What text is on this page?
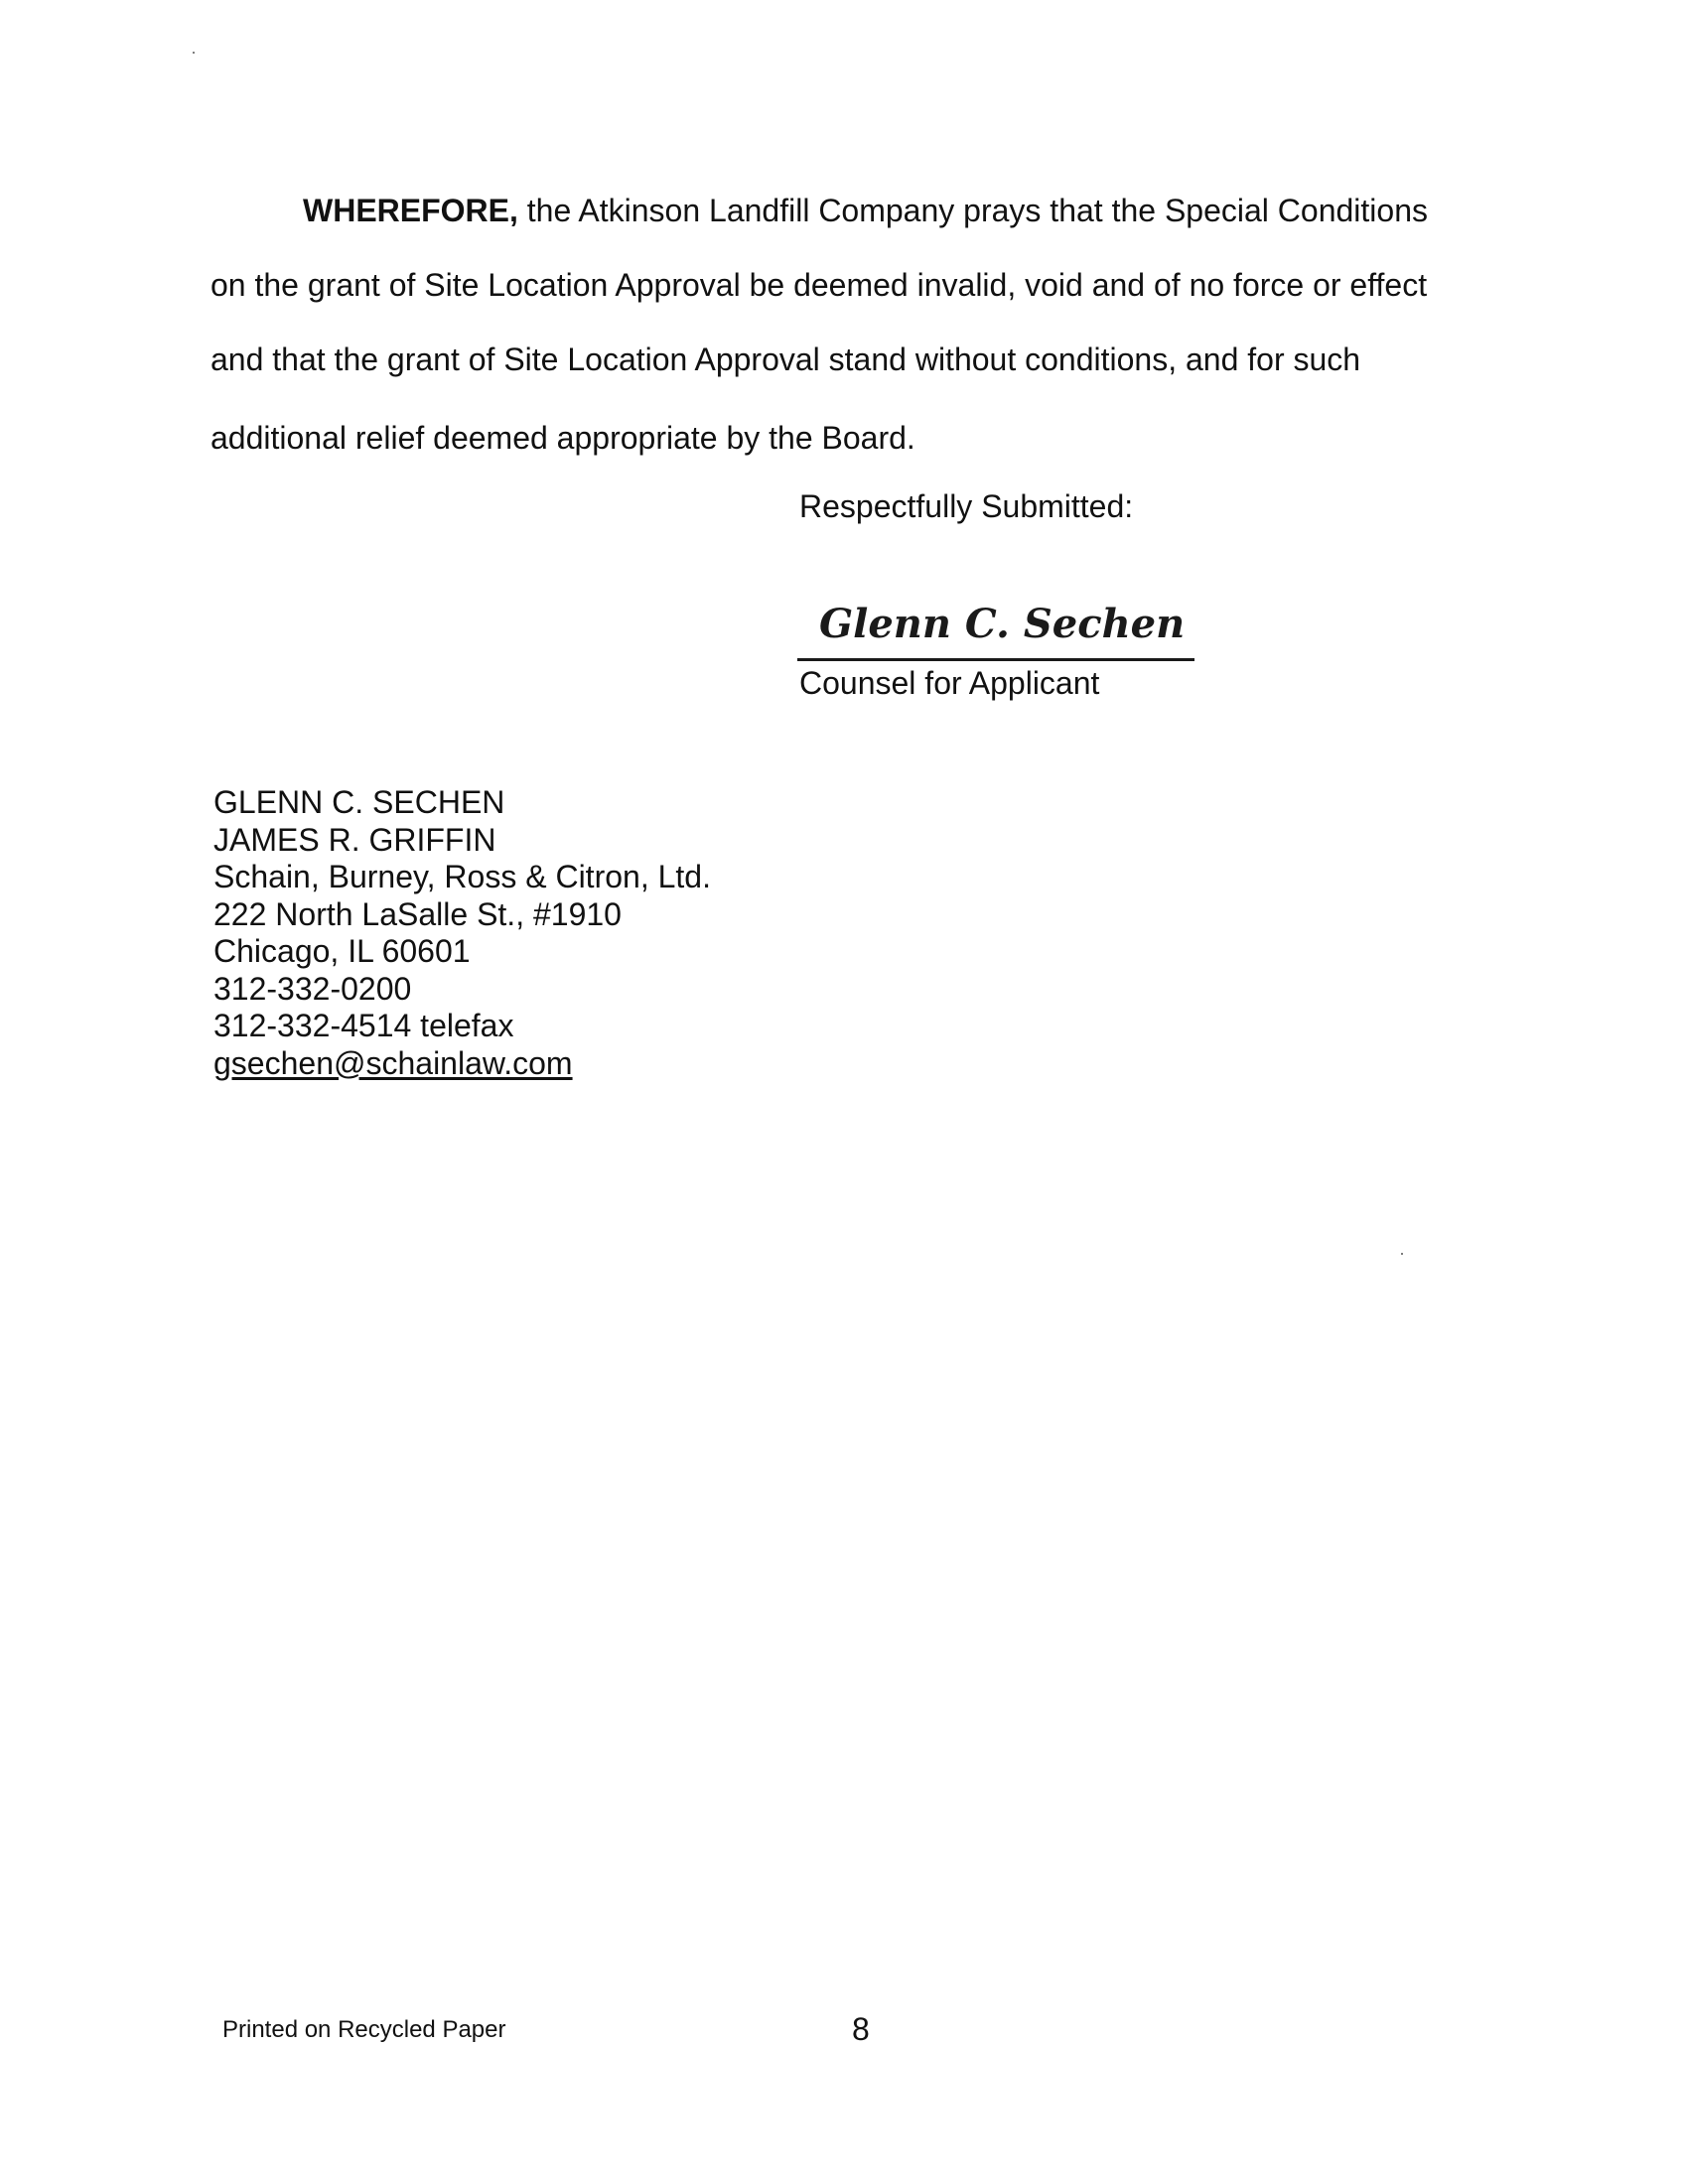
WHEREFORE, the Atkinson Landfill Company prays that the Special Conditions

on the grant of Site Location Approval be deemed invalid, void and of no force or effect

and that the grant of Site Location Approval stand without conditions, and for such

additional relief deemed appropriate by the Board.

Respectfully Submitted:
Glenn C. Sechen
Counsel for Applicant
GLENN C. SECHEN
JAMES R. GRIFFIN
Schain, Burney, Ross & Citron, Ltd.
222 North LaSalle St., #1910
Chicago, IL 60601
312-332-0200
312-332-4514 telefax
gsechen@schainlaw.com
Printed on Recycled Paper	8
